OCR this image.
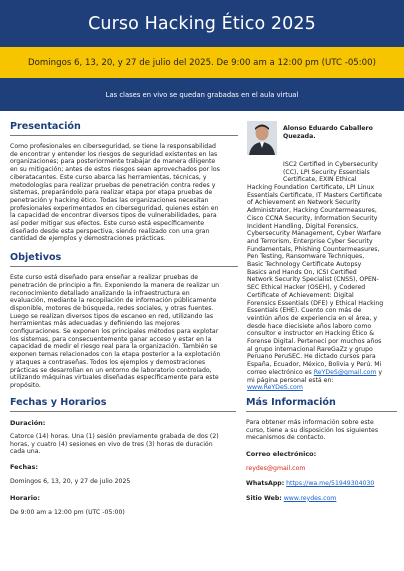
Curso Hacking Ético 2025
Domingos 6, 13, 20, y 27 de julio del 2025. De 9:00 am a 12:00 pm (UTC -05:00)
Las clases en vivo se quedan grabadas en el aula virtual
Presentación

Como profesionales en ciberseguridad, se tiene la responsabilidad
de encontrar y entender los riesgos de seguridad existentes en las
organizaciones; para posteriormente trabajar de manera diligente
en su mitigación; antes de estos riesgos sean aprovechados por los
ciberatacantes. Este curso abarca las herramientas, técnicas, y
metodologías para realizar pruebas de penetración contra redes y
sistemas, preparándolo para realizar etapa por etapa pruebas de
penetración y hacking ético. Todas las organizaciones necesitan
profesionales experimentados en ciberseguridad, quienes estén en
la capacidad de encontrar diversos tipos de vulnerabilidades, para
así poder mitigar sus efectos. Este curso está específicamente
diseñado desde esta perspectiva, siendo realizado con una gran
cantidad de ejemplos y demostraciones prácticas.

Objetivos

Este curso está diseñado para enseñar a realizar pruebas de
penetración de principio a fin. Exponiendo la manera de realizar un
reconocimiento detallado analizando la infraestructura en
evaluación, mediante la recopilación de información públicamente
disponible, motores de búsqueda, redes sociales, y otras fuentes.
Luego se realizan diversos tipos de escaneo en red, utilizando las
herramientas más adecuadas y definiendo las mejores
configuraciones. Se exponen los principales métodos para explotar
los sistemas, para consecuentemente ganar acceso y estar en la
capacidad de medir el riesgo real para la organización. También se
exponen temas relacionados con la etapa posterior a la explotación
y ataques a contraseñas. Todos los ejemplos y demostraciones
prácticas se desarrollan en un entorno de laboratorio controlado,
utilizando máquinas virtuales diseñadas específicamente para este
propósito.

Alonso Eduardo Caballero
Quezada.
ISC2 Certified in Cybersecurity
(CC), LPI Security Essentials
Certificate, EXIN Ethical
Hacking Foundation Certificate, LPI Linux
Essentials Certificate, IT Masters Certificate
of Achievement en Network Security
Administrator, Hacking Countermeasures,
Cisco CCNA Security, Information Security
Incident Handling, Digital Forensics,
Cybersecurity Management, Cyber Warfare
and Terrorism, Enterprise Cyber Security
Fundamentals, Phishing Countermeasures,
Pen Testing, Ransomware Techniques,
Basic Technology Certificate Autopsy
Basics and Hands On, ICSI Certified
Network Security Specialist (CNSS), OPEN-
SEC Ethical Hacker (OSEH), y Codered
Certificate of Achievement: Digital
Forensics Essentials (DFE) y Ethical Hacking
Essentials (EHE). Cuento con más de
veintiún años de experiencia en el área, y
desde hace diecisiete años laboro como
consultor e instructor en Hacking Ético &
Forense Digital. Perteneci por muchos años
al grupo internacional RareGaZz y grupo
Peruano PeruSEC. He dictado cursos para
España, Ecuador, México, Bolivia y Perú. Mi
correo electrónico es ReYDeS@gmail.com y
mi página personal está en:
www.ReYDeS.com
Fechas y Horarios
Duración:
Catorce (14) horas. Una (1) sesión previamente grabada de dos (2)
horas, y cuatro (4) sesiones en vivo de tres (3) horas de duración
cada una.
Fechas:
Domingos 6, 13, 20, y 27 de julio 2025
Horario:
De 9:00 am a 12:00 pm (UTC -05:00)
Más Información
Para obtener más información sobre este
curso, tiene a su disposición los siguientes
mecanismos de contacto.
Correo electrónico:
reydes@gmail.com
WhatsApp: https://wa.me/51949304030
Sitio Web: www.reydes.com
